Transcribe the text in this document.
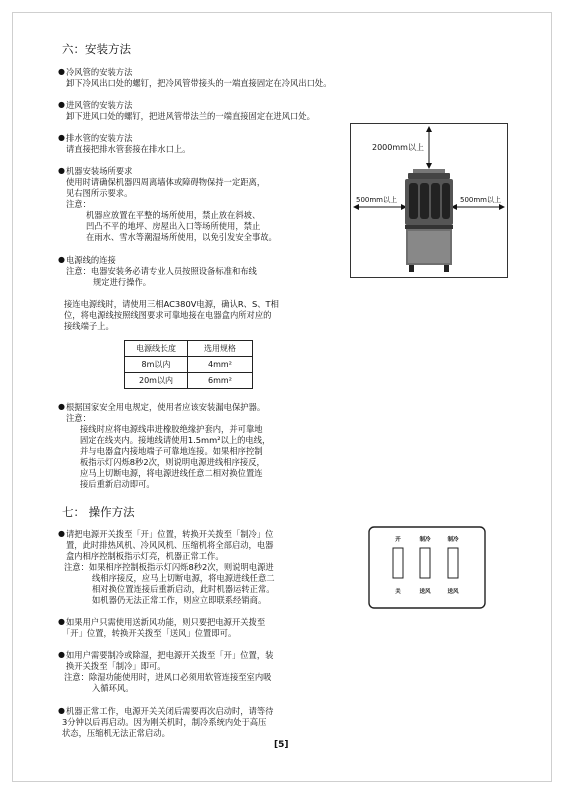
六：安装方法
● 冷风管的安装方法
卸下冷风出口处的螺钉，把冷风管带接头的一端直接固定在冷风出口处。
● 进风管的安装方法
卸下进风口处的螺钉，把进风管带法兰的一端直接固定在进风口处。
● 排水管的安装方法
请直接把排水管套接在排水口上。
● 机器安装场所要求
使用时请确保机器四周离墙体或障碍物保持一定距离，
见右图所示要求。
注意：
机器应放置在平整的场所使用，禁止放在斜坡、
凹凸不平的地坪、房屋出入口等场所使用，禁止
在雨水、雪水等潮湿场所使用，以免引发安全事故。
● 电源线的连接
注意：电器安装务必请专业人员按照设备标准和布线
规定进行操作。
接连电源线时，请使用三相AC380V电源，确认R、S、T相
位，将电源线按照线图要求可靠地接在电器盒内所对应的
接线端子上。
电源线长度	选用规格
8m以内	4mm²
20m以内	6mm²
● 根据国家安全用电规定，使用者应该安装漏电保护器。
注意：
接线时应将电源线串进橡胶绝缘护套内，并可靠地
固定在线夹内。接地线请使用1.5mm²以上的电线，
并与电器盒内接地端子可靠地连接。如果相序控制
板指示灯闪烁8秒2次，则说明电源进线相序接反，
应马上切断电源，将电源进线任意二相对换位置连
接后重新启动即可。
2000mm以上
500mm以上	500mm以上
七： 操作方法
● 请把电源开关拨至「开」位置，转换开关拨至「制冷」位
置，此时排热风机、冷风风机、压缩机将全部启动，电器
盒内相序控制板指示灯亮，机器正常工作。
注意：如果相序控制板指示灯闪烁8秒2次，则说明电源进
线相序接反，应马上切断电源，将电源进线任意二
相对换位置连接后重新启动，此时机器运转正常。
如机器仍无法正常工作，则应立即联系经销商。
● 如果用户只需使用送新风功能，则只要把电源开关拨至
「开」位置，转换开关拨至「送风」位置即可。
● 如用户需要制冷或除湿，把电源开关拨至「开」位置，装
换开关拨至「制冷」即可。
注意：除湿功能使用时，进风口必须用软管连接至室内吸
入循环风。
● 机器正常工作，电源开关关闭后需要再次启动时，请等待
3分钟以后再启动。因为刚关机时，制冷系统内处于高压
状态，压缩机无法正常启动。
开	制冷	制冷
关	送风	送风
[5]
